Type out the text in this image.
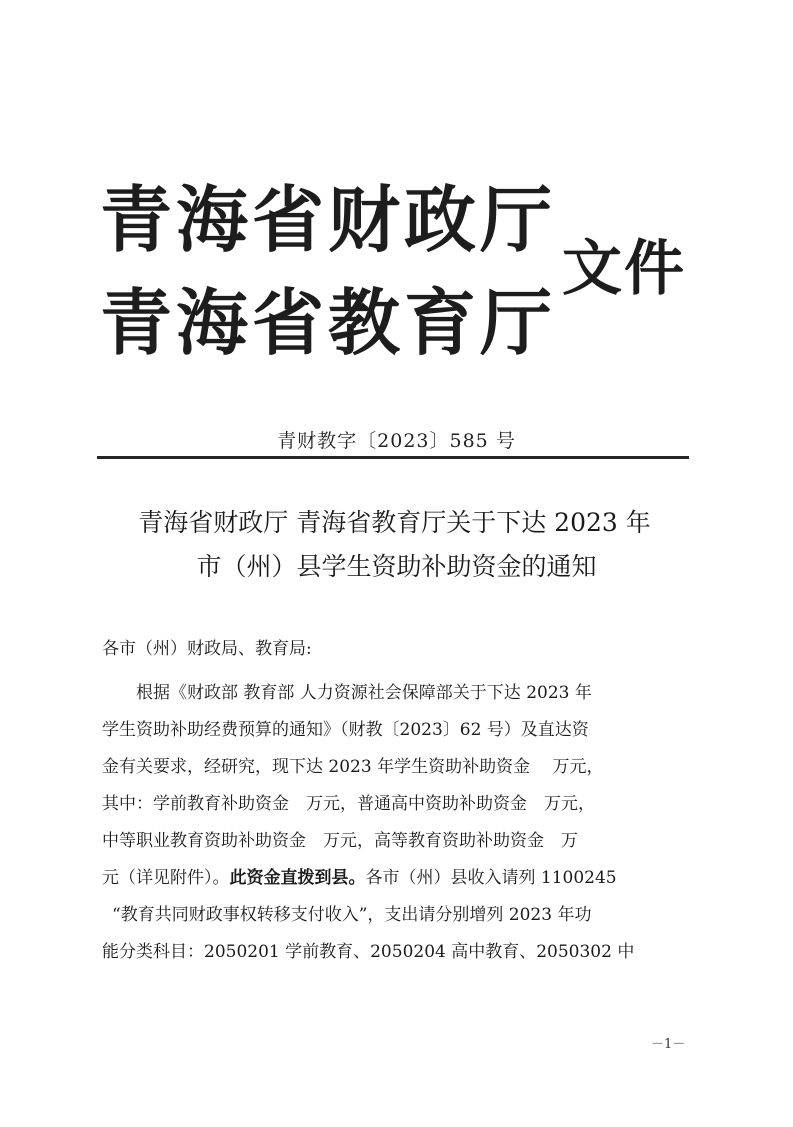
青海省财政厅
青海省教育厅
文件
青财教字〔2023〕585 号
青海省财政厅 青海省教育厅关于下达 2023 年
市（州）县学生资助补助资金的通知
各市（州）财政局、教育局:
根据《财政部 教育部 人力资源社会保障部关于下达 2023 年
学生资助补助经费预算的通知》（财教〔2023〕62 号）及直达资
金有关要求，经研究，现下达 2023 年学生资助补助资金　 万元，
其中：学前教育补助资金　万元，普通高中资助补助资金　万元，
中等职业教育资助补助资金　万元，高等教育资助补助资金　万
元（详见附件）。此资金直拨到县。各市（州）县收入请列 1100245
“教育共同财政事权转移支付收入”，支出请分别增列 2023 年功
能分类科目：2050201 学前教育、2050204 高中教育、2050302 中
－1－
